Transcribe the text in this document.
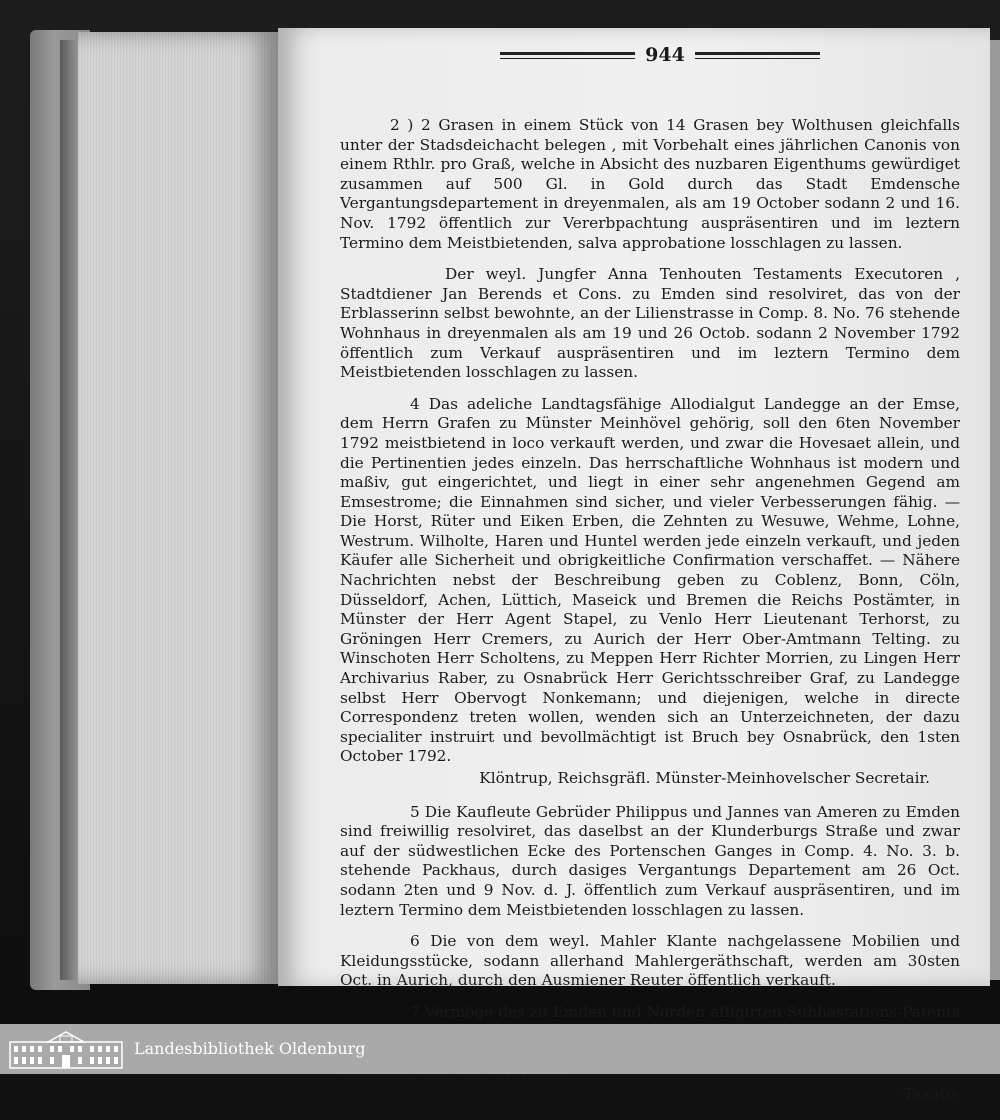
944

2 ) 2 Grasen in einem Stück von 14 Grasen bey Wolthusen gleichfalls unter der Stadsdeichacht belegen , mit Vorbehalt eines jährlichen Canonis von einem Rthlr. pro Graß, welche in Absicht des nuzbaren Eigenthums gewürdiget zusammen auf 500 Gl. in Gold durch das Stadt Emdensche Vergantungsdepartement in dreyenmalen, als am 19 October sodann 2 und 16. Nov. 1792 öffentlich zur Vererbpachtung auspräsentiren und im leztern Termino dem Meistbietenden, salva approbatione losschlagen zu lassen.

Der weyl. Jungfer Anna Tenhouten Testaments Executoren , Stadtdiener Jan Berends et Cons. zu Emden sind resolviret, das von der Erblasserinn selbst bewohnte, an der Lilienstrasse in Comp. 8. No. 76 stehende Wohnhaus in dreyenmalen als am 19 und 26 Octob. sodann 2 November 1792 öffentlich zum Verkauf auspräsentiren und im leztern Termino dem Meistbietenden losschlagen zu lassen.

4 Das adeliche Landtagsfähige Allodialgut Landegge an der Emse, dem Herrn Grafen zu Münster Meinhövel gehörig, soll den 6ten November 1792 meistbietend in loco verkauft werden, und zwar die Hovesaet allein, und die Pertinentien jedes einzeln. Das herrschaftliche Wohnhaus ist modern und maßiv, gut eingerichtet, und liegt in einer sehr angenehmen Gegend am Emsestrome; die Einnahmen sind sicher, und vieler Verbesserungen fähig. — Die Horst, Rüter und Eiken Erben, die Zehnten zu Wesuwe, Wehme, Lohne, Westrum. Wilholte, Haren und Huntel werden jede einzeln verkauft, und jeden Käufer alle Sicherheit und obrigkeitliche Confirmation verschaffet. — Nähere Nachrichten nebst der Beschreibung geben zu Coblenz, Bonn, Cöln, Düsseldorf, Achen, Lüttich, Maseick und Bremen die Reichs Postämter, in Münster der Herr Agent Stapel, zu Venlo Herr Lieutenant Terhorst, zu Gröningen Herr Cremers, zu Aurich der Herr Ober-Amtmann Telting. zu Winschoten Herr Scholtens, zu Meppen Herr Richter Morrien, zu Lingen Herr Archivarius Raber, zu Osnabrück Herr Gerichtsschreiber Graf, zu Landegge selbst Herr Obervogt Nonkemann; und diejenigen, welche in directe Correspondenz treten wollen, wenden sich an Unterzeichneten, der dazu specialiter instruirt und bevollmächtigt ist Bruch bey Osnabrück, den 1sten October 1792.

Klöntrup, Reichsgräfl. Münster-Meinhovelscher Secretair.

5 Die Kaufleute Gebrüder Philippus und Jannes van Ameren zu Emden sind freiwillig resolviret, das daselbst an der Klunderburgs Straße und zwar auf der südwestlichen Ecke des Portenschen Ganges in Comp. 4. No. 3. b. stehende Packhaus, durch dasiges Vergantungs Departement am 26 Oct. sodann 2ten und 9 Nov. d. J. öffentlich zum Verkauf auspräsentiren, und im leztern Termino dem Meistbietenden losschlagen zu lassen.

6 Die von dem weyl. Mahler Klante nachgelassene Mobilien und Kleidungsstücke, sodann allerhand Mahlergeräthschaft, werden am 30sten Oct. in Aurich, durch den Ausmiener Reuter öffentlich verkauft.

7 Vermöge des zu Emden und Norden affigirten Subhastations-Patents

Taxato-

Landesbibliothek Oldenburg
